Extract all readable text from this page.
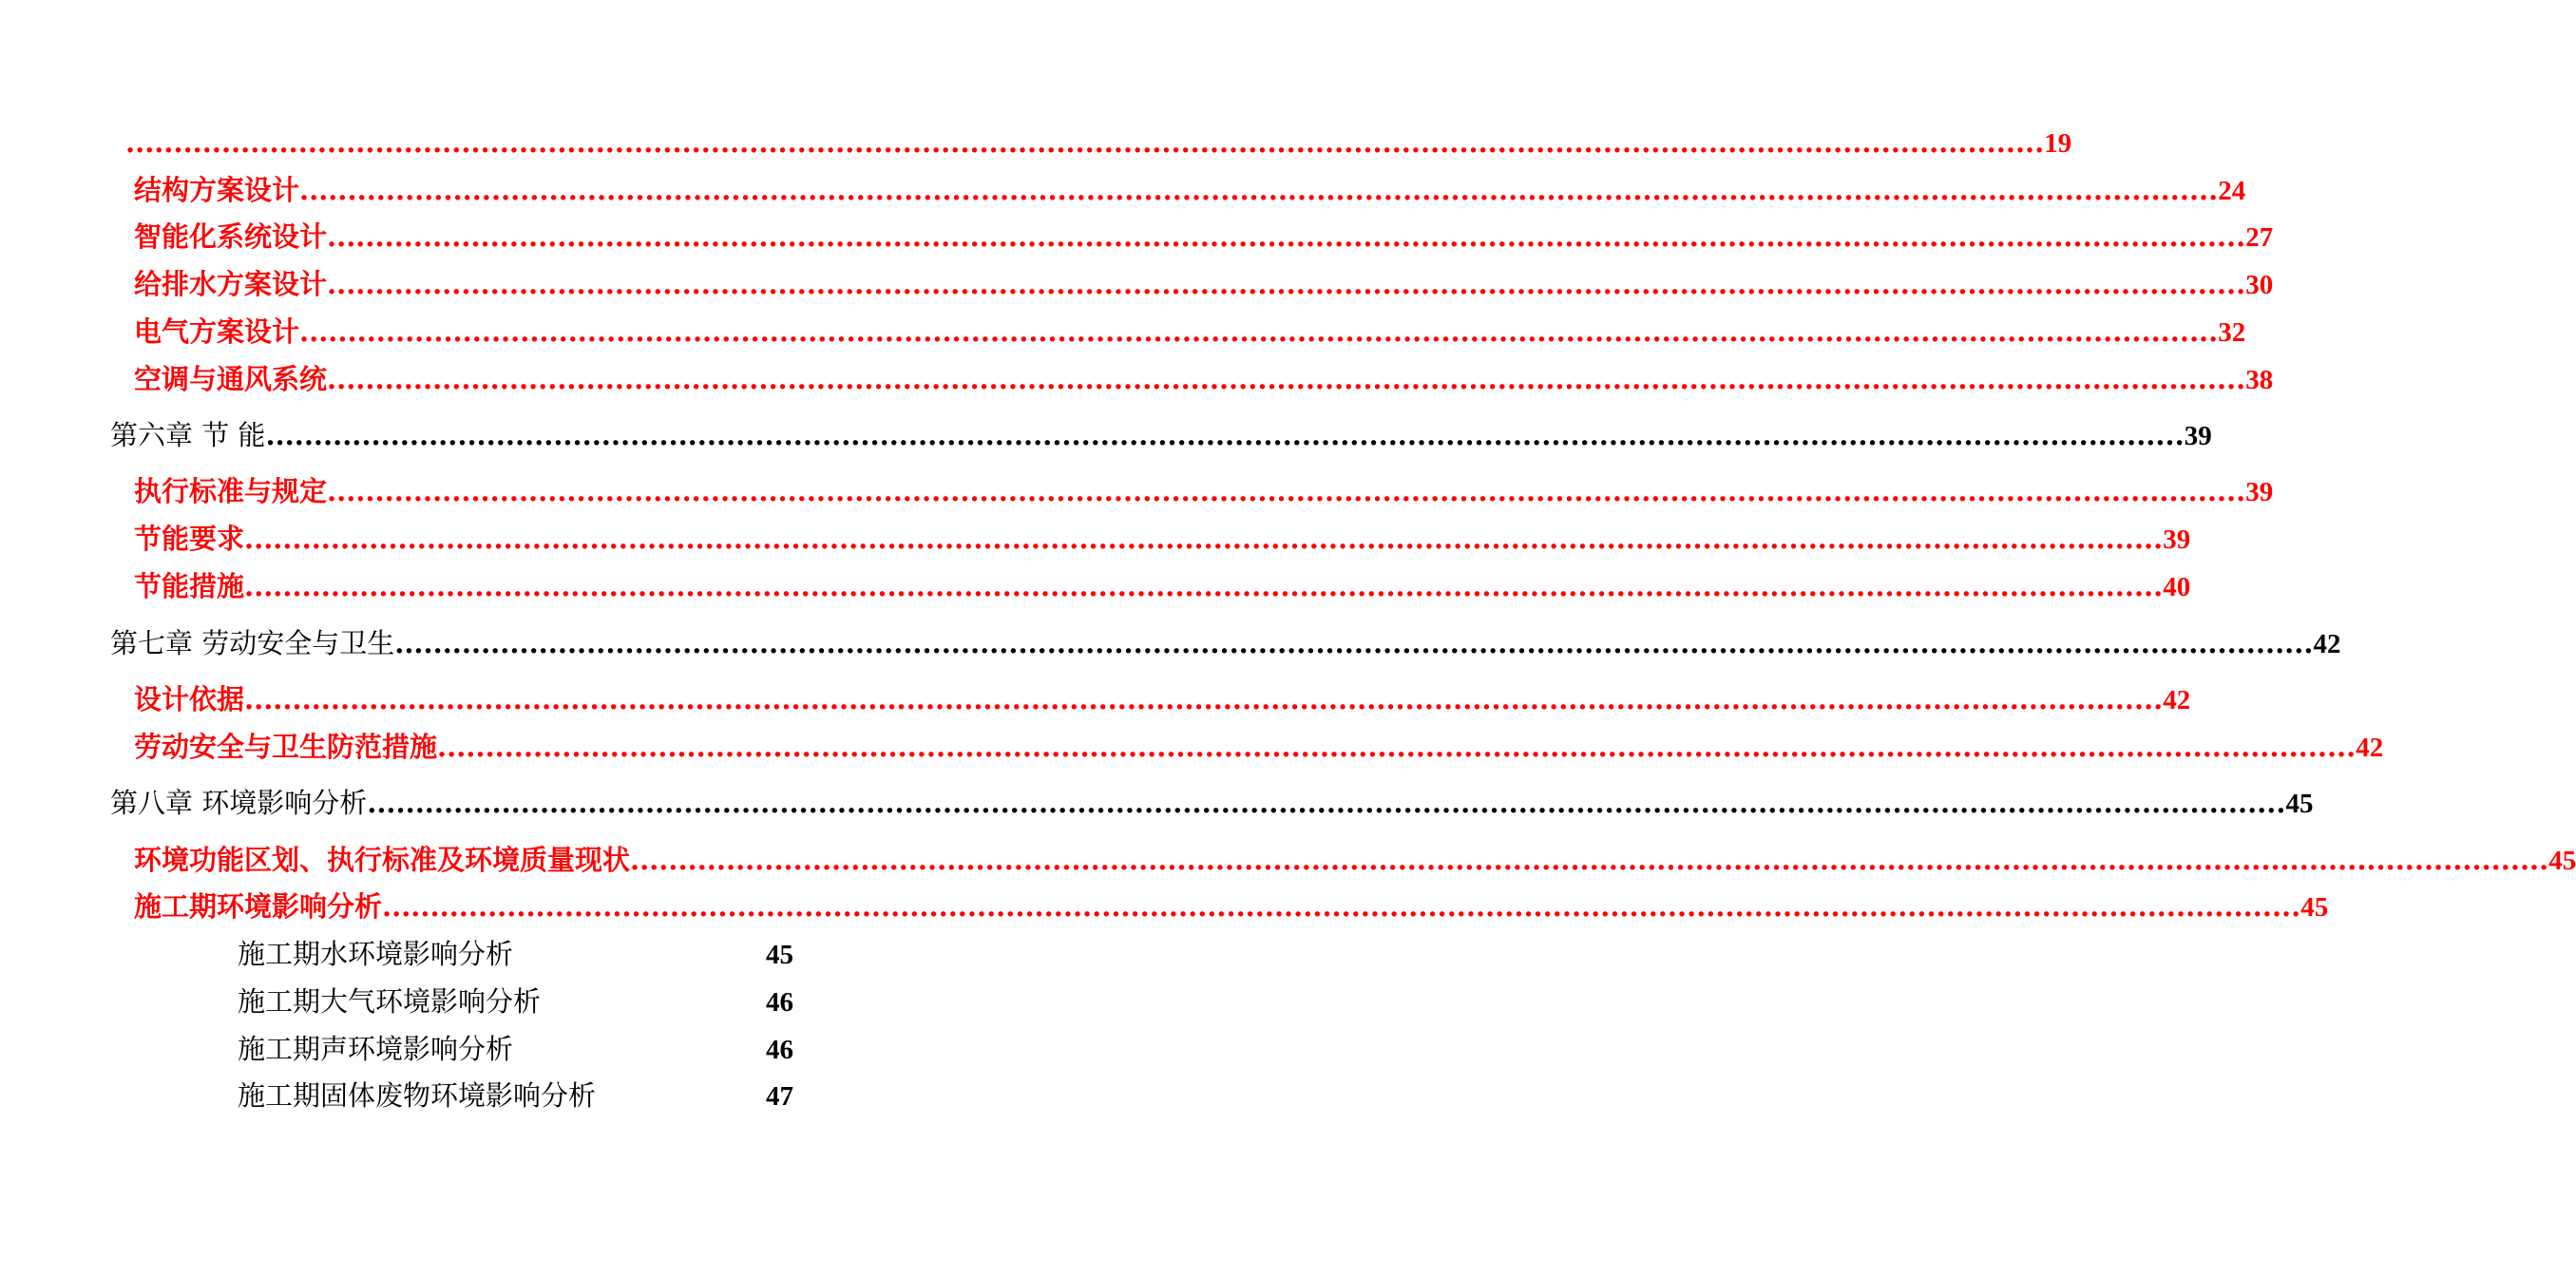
........................................................................................................................................................................................................ 19
结构方案设计 ........................................................................................................................................................................................................ 24
智能化系统设计 ........................................................................................................................................................................................................ 27
给排水方案设计 ........................................................................................................................................................................................................ 30
电气方案设计 ........................................................................................................................................................................................................ 32
空调与通风系统 ........................................................................................................................................................................................................ 38
第六章 节 能 ........................................................................................................................................................................................................ 39
执行标准与规定 ........................................................................................................................................................................................................ 39
节能要求 ........................................................................................................................................................................................................ 39
节能措施 ........................................................................................................................................................................................................ 40
第七章 劳动安全与卫生 ........................................................................................................................................................................................................ 42
设计依据 ........................................................................................................................................................................................................ 42
劳动安全与卫生防范措施 ........................................................................................................................................................................................................ 42
第八章 环境影响分析 ........................................................................................................................................................................................................ 45
环境功能区划、执行标准及环境质量现状 ........................................................................................................................................................................................................ 45
施工期环境影响分析 ........................................................................................................................................................................................................ 45
施工期水环境影响分析	45
施工期大气环境影响分析	46
施工期声环境影响分析	46
施工期固体废物环境影响分析	47
